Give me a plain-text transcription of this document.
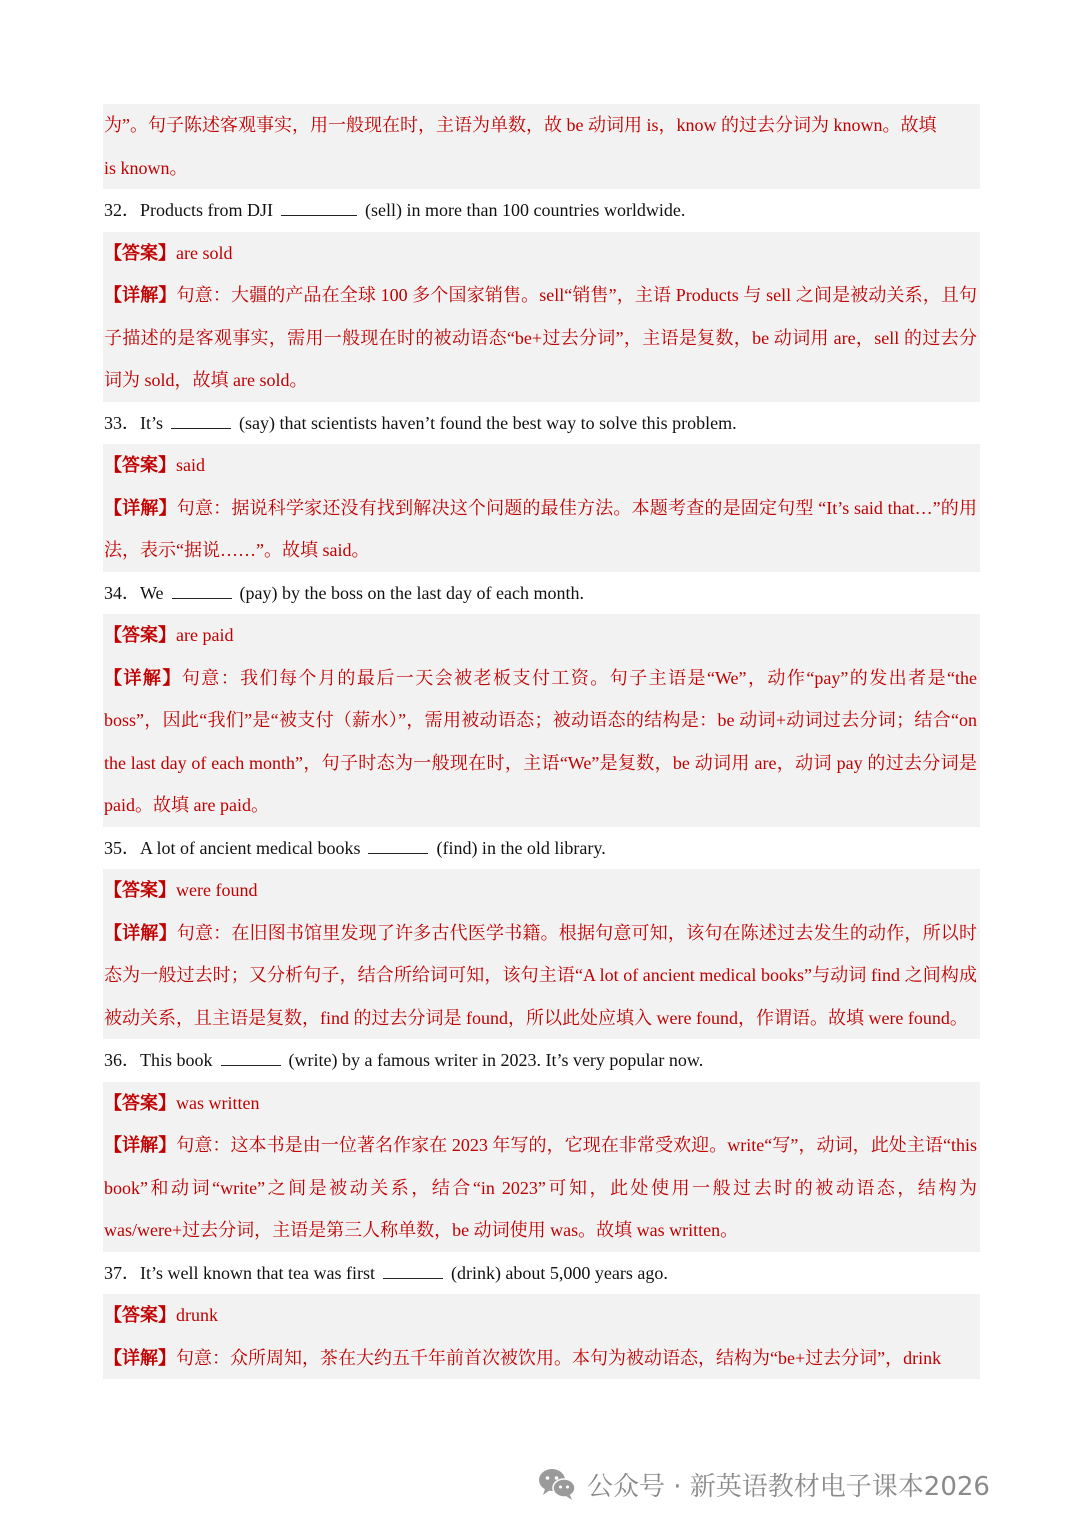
为”。句子陈述客观事实，用一般现在时，主语为单数，故 be 动词用 is，know 的过去分词为 known。故填

is known。

32．Products from DJI	(sell) in more than 100 countries worldwide.

【答案】are sold

【详解】句意：大疆的产品在全球 100 多个国家销售。sell“销售”，主语 Products 与 sell 之间是被动关系，且句子描述的是客观事实，需用一般现在时的被动语态“be+过去分词”，主语是复数，be 动词用 are，sell 的过去分词为 sold，故填 are sold。

33．It’s	(say) that scientists haven’t found the best way to solve this problem.

【答案】said

【详解】句意：据说科学家还没有找到解决这个问题的最佳方法。本题考查的是固定句型 “It’s said that…”的用法，表示“据说……”。故填 said。

34．We	(pay) by the boss on the last day of each month.

【答案】are paid

【详解】句意：我们每个月的最后一天会被老板支付工资。句子主语是“We”，动作“pay”的发出者是“the boss”，因此“我们”是“被支付（薪水）”，需用被动语态；被动语态的结构是：be 动词+动词过去分词；结合“on the last day of each month”，句子时态为一般现在时，主语“We”是复数，be 动词用 are，动词 pay 的过去分词是 paid。故填 are paid。

35．A lot of ancient medical books	(find) in the old library.

【答案】were found

【详解】句意：在旧图书馆里发现了许多古代医学书籍。根据句意可知，该句在陈述过去发生的动作，所以时态为一般过去时；又分析句子，结合所给词可知，该句主语“A lot of ancient medical books”与动词 find 之间构成被动关系，且主语是复数，find 的过去分词是 found，所以此处应填入 were found，作谓语。故填 were found。

36．This book	(write) by a famous writer in 2023. It’s very popular now.

【答案】was written

【详解】句意：这本书是由一位著名作家在 2023 年写的，它现在非常受欢迎。write“写”，动词，此处主语“this book”和动词“write”之间是被动关系，结合“in 2023”可知，此处使用一般过去时的被动语态，结构为 was/were+过去分词，主语是第三人称单数，be 动词使用 was。故填 was written。

37．It’s well known that tea was first	(drink) about 5,000 years ago.

【答案】drunk

【详解】句意：众所周知，茶在大约五千年前首次被饮用。本句为被动语态，结构为“be+过去分词”，drink

公众号 · 新英语教材电子课本2026
